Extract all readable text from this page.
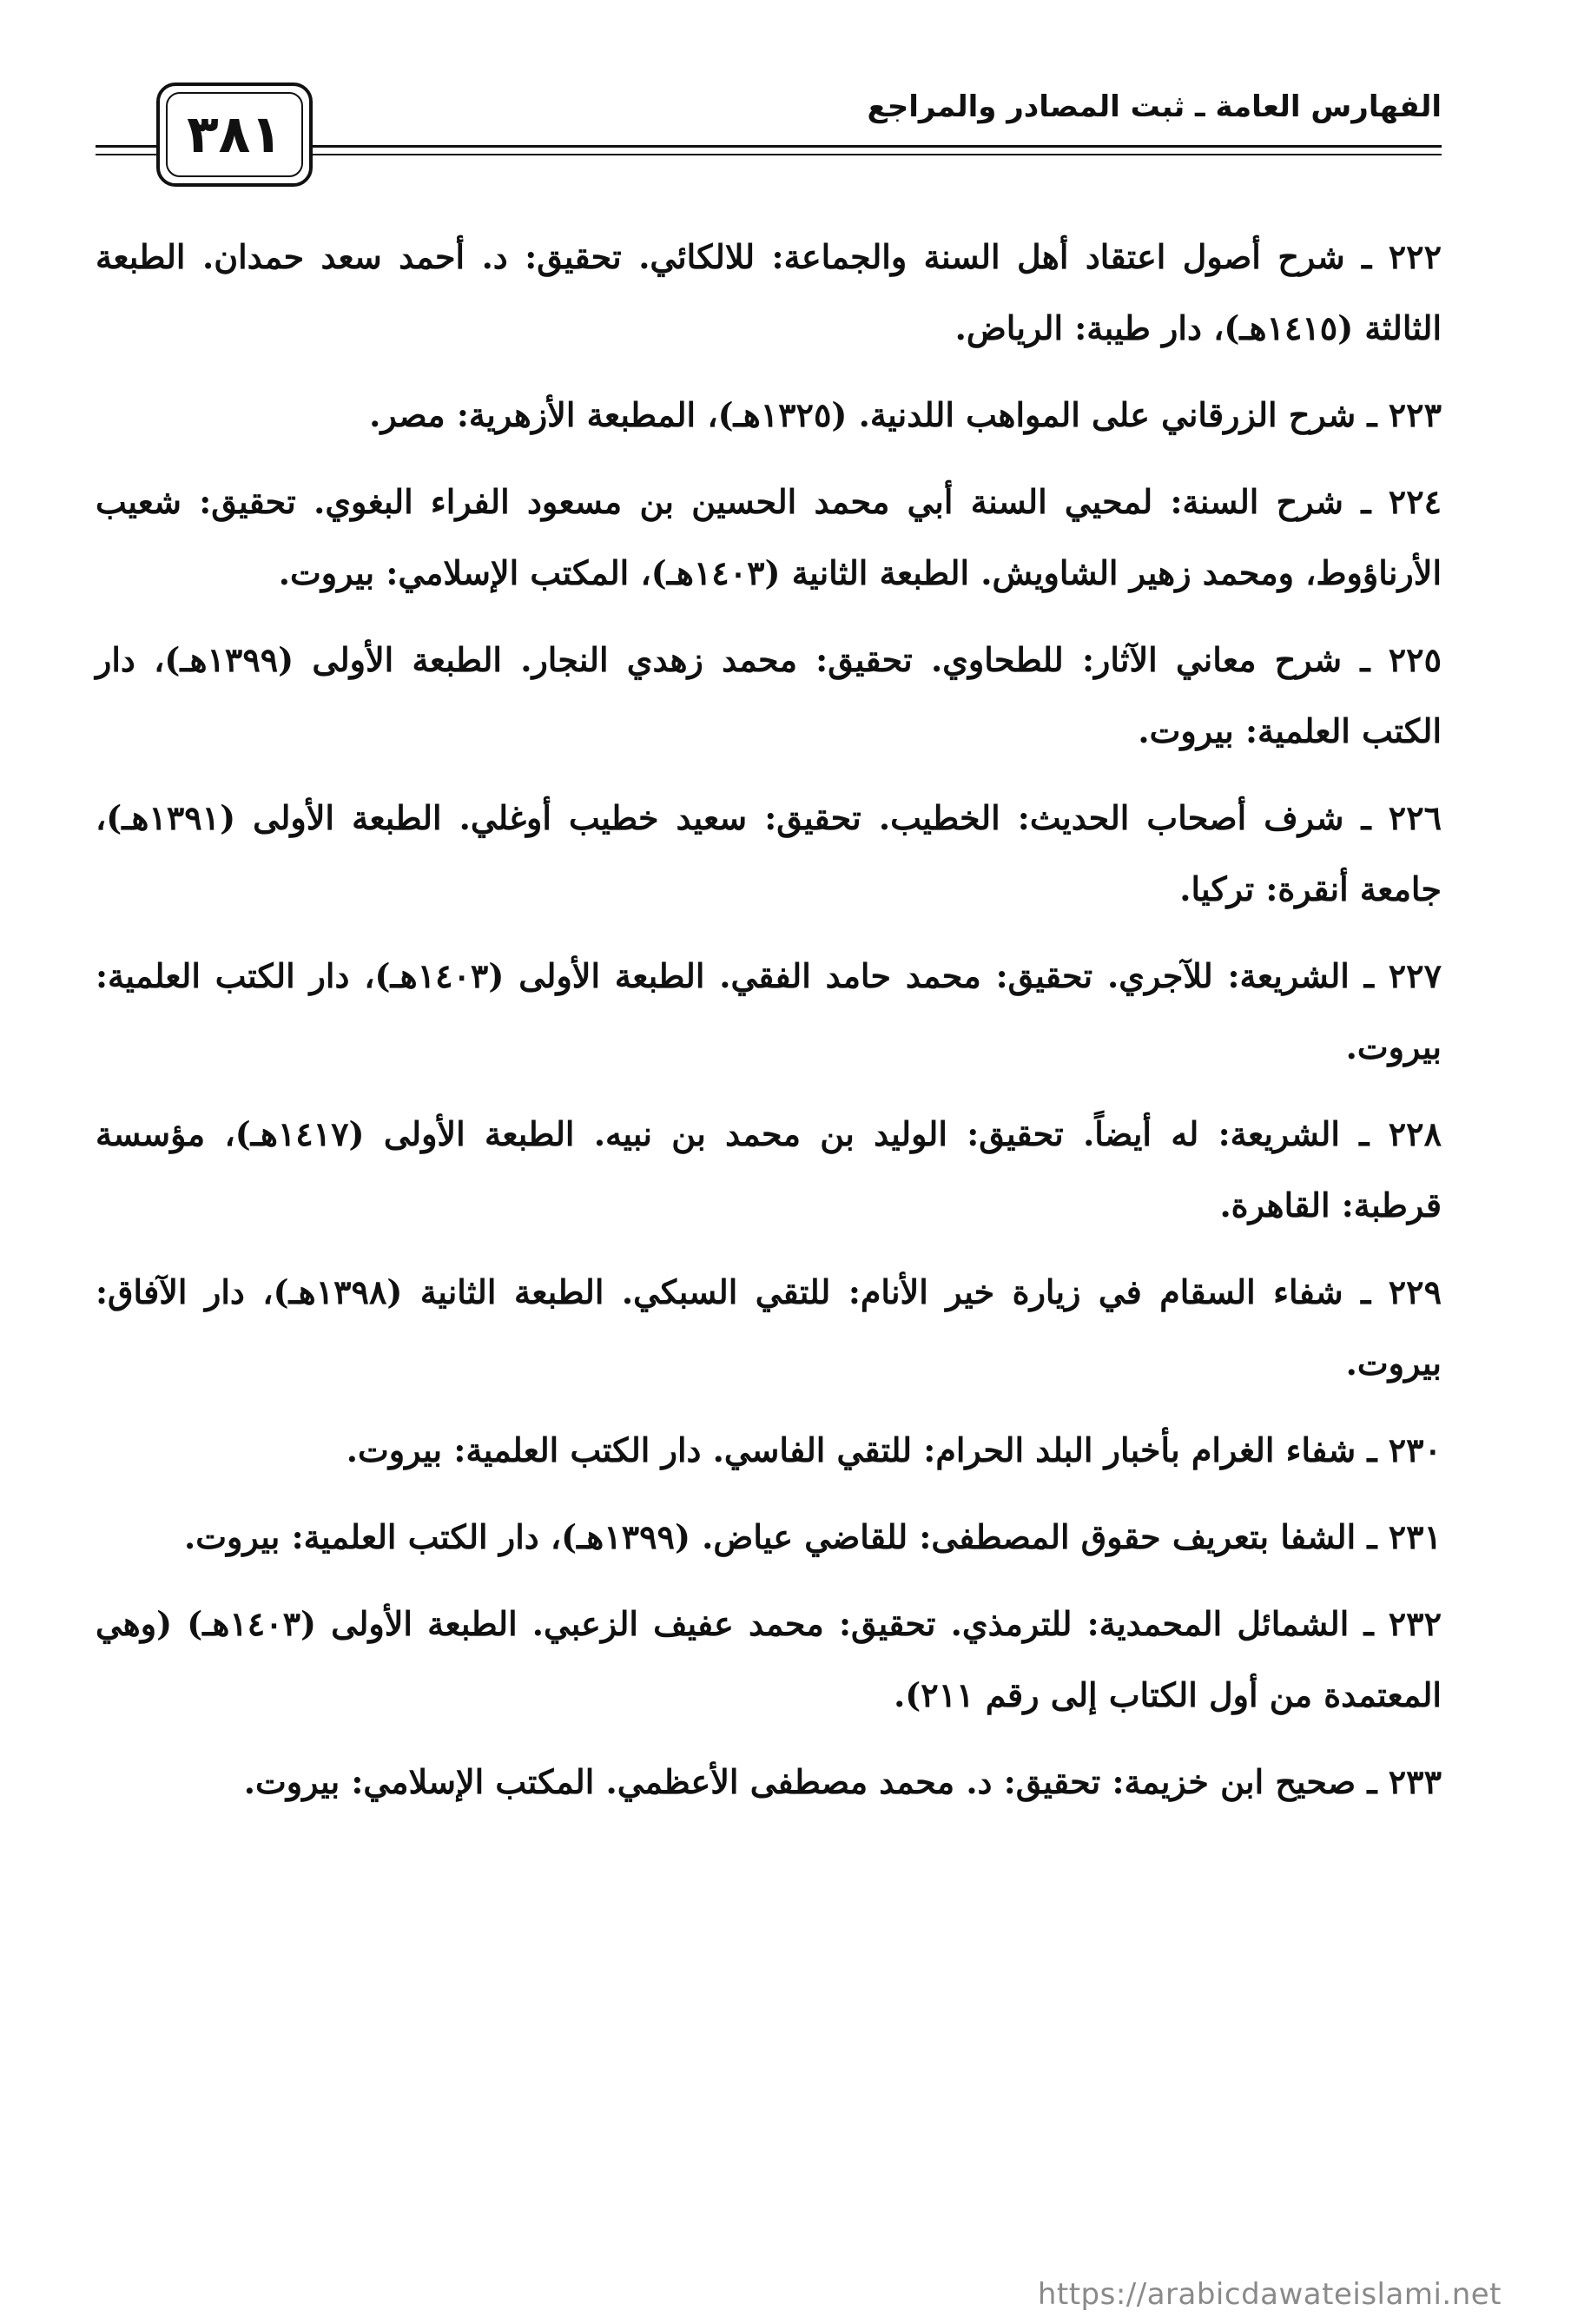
الفهارس العامة ـ ثبت المصادر والمراجع
٣٨١

٢٢٢ ـ شرح أصول اعتقاد أهل السنة والجماعة: للالكائي. تحقيق: د. أحمد سعد حمدان. الطبعة الثالثة (١٤١٥هـ)، دار طيبة: الرياض.

٢٢٣ ـ شرح الزرقاني على المواهب اللدنية. (١٣٢٥هـ)، المطبعة الأزهرية: مصر.

٢٢٤ ـ شرح السنة: لمحيي السنة أبي محمد الحسين بن مسعود الفراء البغوي. تحقيق: شعيب الأرناؤوط، ومحمد زهير الشاويش. الطبعة الثانية (١٤٠٣هـ)، المكتب الإسلامي: بيروت.

٢٢٥ ـ شرح معاني الآثار: للطحاوي. تحقيق: محمد زهدي النجار. الطبعة الأولى (١٣٩٩هـ)، دار الكتب العلمية: بيروت.

٢٢٦ ـ شرف أصحاب الحديث: الخطيب. تحقيق: سعيد خطيب أوغلي. الطبعة الأولى (١٣٩١هـ)، جامعة أنقرة: تركيا.

٢٢٧ ـ الشريعة: للآجري. تحقيق: محمد حامد الفقي. الطبعة الأولى (١٤٠٣هـ)، دار الكتب العلمية: بيروت.

٢٢٨ ـ الشريعة: له أيضاً. تحقيق: الوليد بن محمد بن نبيه. الطبعة الأولى (١٤١٧هـ)، مؤسسة قرطبة: القاهرة.

٢٢٩ ـ شفاء السقام في زيارة خير الأنام: للتقي السبكي. الطبعة الثانية (١٣٩٨هـ)، دار الآفاق: بيروت.

٢٣٠ ـ شفاء الغرام بأخبار البلد الحرام: للتقي الفاسي. دار الكتب العلمية: بيروت.

٢٣١ ـ الشفا بتعريف حقوق المصطفى: للقاضي عياض. (١٣٩٩هـ)، دار الكتب العلمية: بيروت.

٢٣٢ ـ الشمائل المحمدية: للترمذي. تحقيق: محمد عفيف الزعبي. الطبعة الأولى (١٤٠٣هـ) (وهي المعتمدة من أول الكتاب إلى رقم ٢١١).

٢٣٣ ـ صحيح ابن خزيمة: تحقيق: د. محمد مصطفى الأعظمي. المكتب الإسلامي: بيروت.

https://arabicdawateislami.net
